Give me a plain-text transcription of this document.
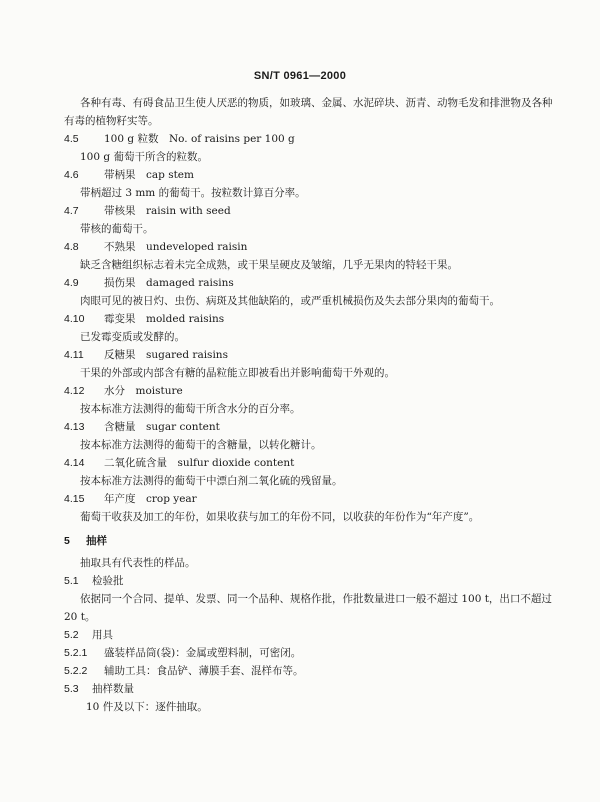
SN/T 0961—2000
各种有毒、有碍食品卫生使人厌恶的物质，如玻璃、金属、水泥碎块、沥青、动物毛发和排泄物及各种
有毒的植物籽实等。
4.5 100 g 粒数　No. of raisins per 100 g
100 g 葡萄干所含的粒数。
4.6 带柄果　cap stem
带柄超过 3 mm 的葡萄干。按粒数计算百分率。
4.7 带核果　raisin with seed
带核的葡萄干。
4.8 不熟果　undeveloped raisin
缺乏含糖组织标志着未完全成熟，或干果呈硬皮及皱缩，几乎无果肉的特轻干果。
4.9 损伤果　damaged raisins
肉眼可见的被日灼、虫伤、病斑及其他缺陷的，或严重机械损伤及失去部分果肉的葡萄干。
4.10 霉变果　molded raisins
已发霉变质或发酵的。
4.11 反糖果　sugared raisins
干果的外部或内部含有糖的晶粒能立即被看出并影响葡萄干外观的。
4.12 水分　moisture
按本标准方法测得的葡萄干所含水分的百分率。
4.13 含糖量　sugar content
按本标准方法测得的葡萄干的含糖量，以转化糖计。
4.14 二氧化硫含量　sulfur dioxide content
按本标准方法测得的葡萄干中漂白剂二氧化硫的残留量。
4.15 年产度　crop year
葡萄干收获及加工的年份，如果收获与加工的年份不同，以收获的年份作为“年产度”。
5 抽样
抽取具有代表性的样品。
5.1 检验批
依据同一个合同、提单、发票、同一个品种、规格作批，作批数量进口一般不超过 100 t，出口不超过
20 t。
5.2 用具
5.2.1 盛装样品筒(袋)：金属或塑料制，可密闭。
5.2.2 辅助工具：食品铲、薄膜手套、混样布等。
5.3 抽样数量
10 件及以下：逐件抽取。
